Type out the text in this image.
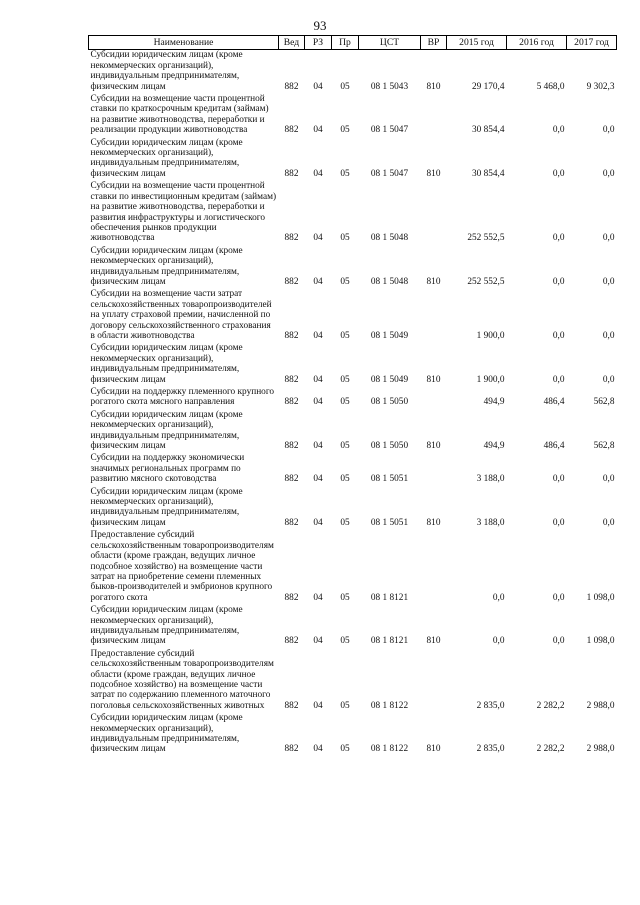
93
Наименование	Вед	РЗ	Пр	ЦСТ	ВР	2015 год	2016 год	2017 год
Субсидии юридическим лицам (кроме некоммерческих организаций), индивидуальным предпринимателям, физическим лицам	882	04	05	08 1 5043	810	29 170,4	5 468,0	9 302,3
Субсидии на возмещение части процентной ставки по краткосрочным кредитам (займам) на развитие животноводства, переработки и реализации продукции животноводства	882	04	05	08 1 5047		30 854,4	0,0	0,0
Субсидии юридическим лицам (кроме некоммерческих организаций), индивидуальным предпринимателям, физическим лицам	882	04	05	08 1 5047	810	30 854,4	0,0	0,0
Субсидии на возмещение части процентной ставки по инвестиционным кредитам (займам) на развитие животноводства, переработки и развития инфраструктуры и логистического обеспечения рынков продукции животноводства	882	04	05	08 1 5048		252 552,5	0,0	0,0
Субсидии юридическим лицам (кроме некоммерческих организаций), индивидуальным предпринимателям, физическим лицам	882	04	05	08 1 5048	810	252 552,5	0,0	0,0
Субсидии на возмещение части затрат сельскохозяйственных товаропроизводителей на уплату страховой премии, начисленной по договору сельскохозяйственного страхования в области животноводства	882	04	05	08 1 5049		1 900,0	0,0	0,0
Субсидии юридическим лицам (кроме некоммерческих организаций), индивидуальным предпринимателям, физическим лицам	882	04	05	08 1 5049	810	1 900,0	0,0	0,0
Субсидии на поддержку племенного крупного рогатого скота мясного направления	882	04	05	08 1 5050		494,9	486,4	562,8
Субсидии юридическим лицам (кроме некоммерческих организаций), индивидуальным предпринимателям, физическим лицам	882	04	05	08 1 5050	810	494,9	486,4	562,8
Субсидии на поддержку экономически значимых региональных программ по развитию мясного скотоводства	882	04	05	08 1 5051		3 188,0	0,0	0,0
Субсидии юридическим лицам (кроме некоммерческих организаций), индивидуальным предпринимателям, физическим лицам	882	04	05	08 1 5051	810	3 188,0	0,0	0,0
Предоставление субсидий сельскохозяйственным товаропроизводителям области (кроме граждан, ведущих личное подсобное хозяйство) на возмещение части затрат на приобретение семени племенных быков-производителей и эмбрионов крупного рогатого скота	882	04	05	08 1 8121		0,0	0,0	1 098,0
Субсидии юридическим лицам (кроме некоммерческих организаций), индивидуальным предпринимателям, физическим лицам	882	04	05	08 1 8121	810	0,0	0,0	1 098,0
Предоставление субсидий сельскохозяйственным товаропроизводителям области (кроме граждан, ведущих личное подсобное хозяйство) на возмещение части затрат по содержанию племенного маточного поголовья сельскохозяйственных животных	882	04	05	08 1 8122		2 835,0	2 282,2	2 988,0
Субсидии юридическим лицам (кроме некоммерческих организаций), индивидуальным предпринимателям, физическим лицам	882	04	05	08 1 8122	810	2 835,0	2 282,2	2 988,0
